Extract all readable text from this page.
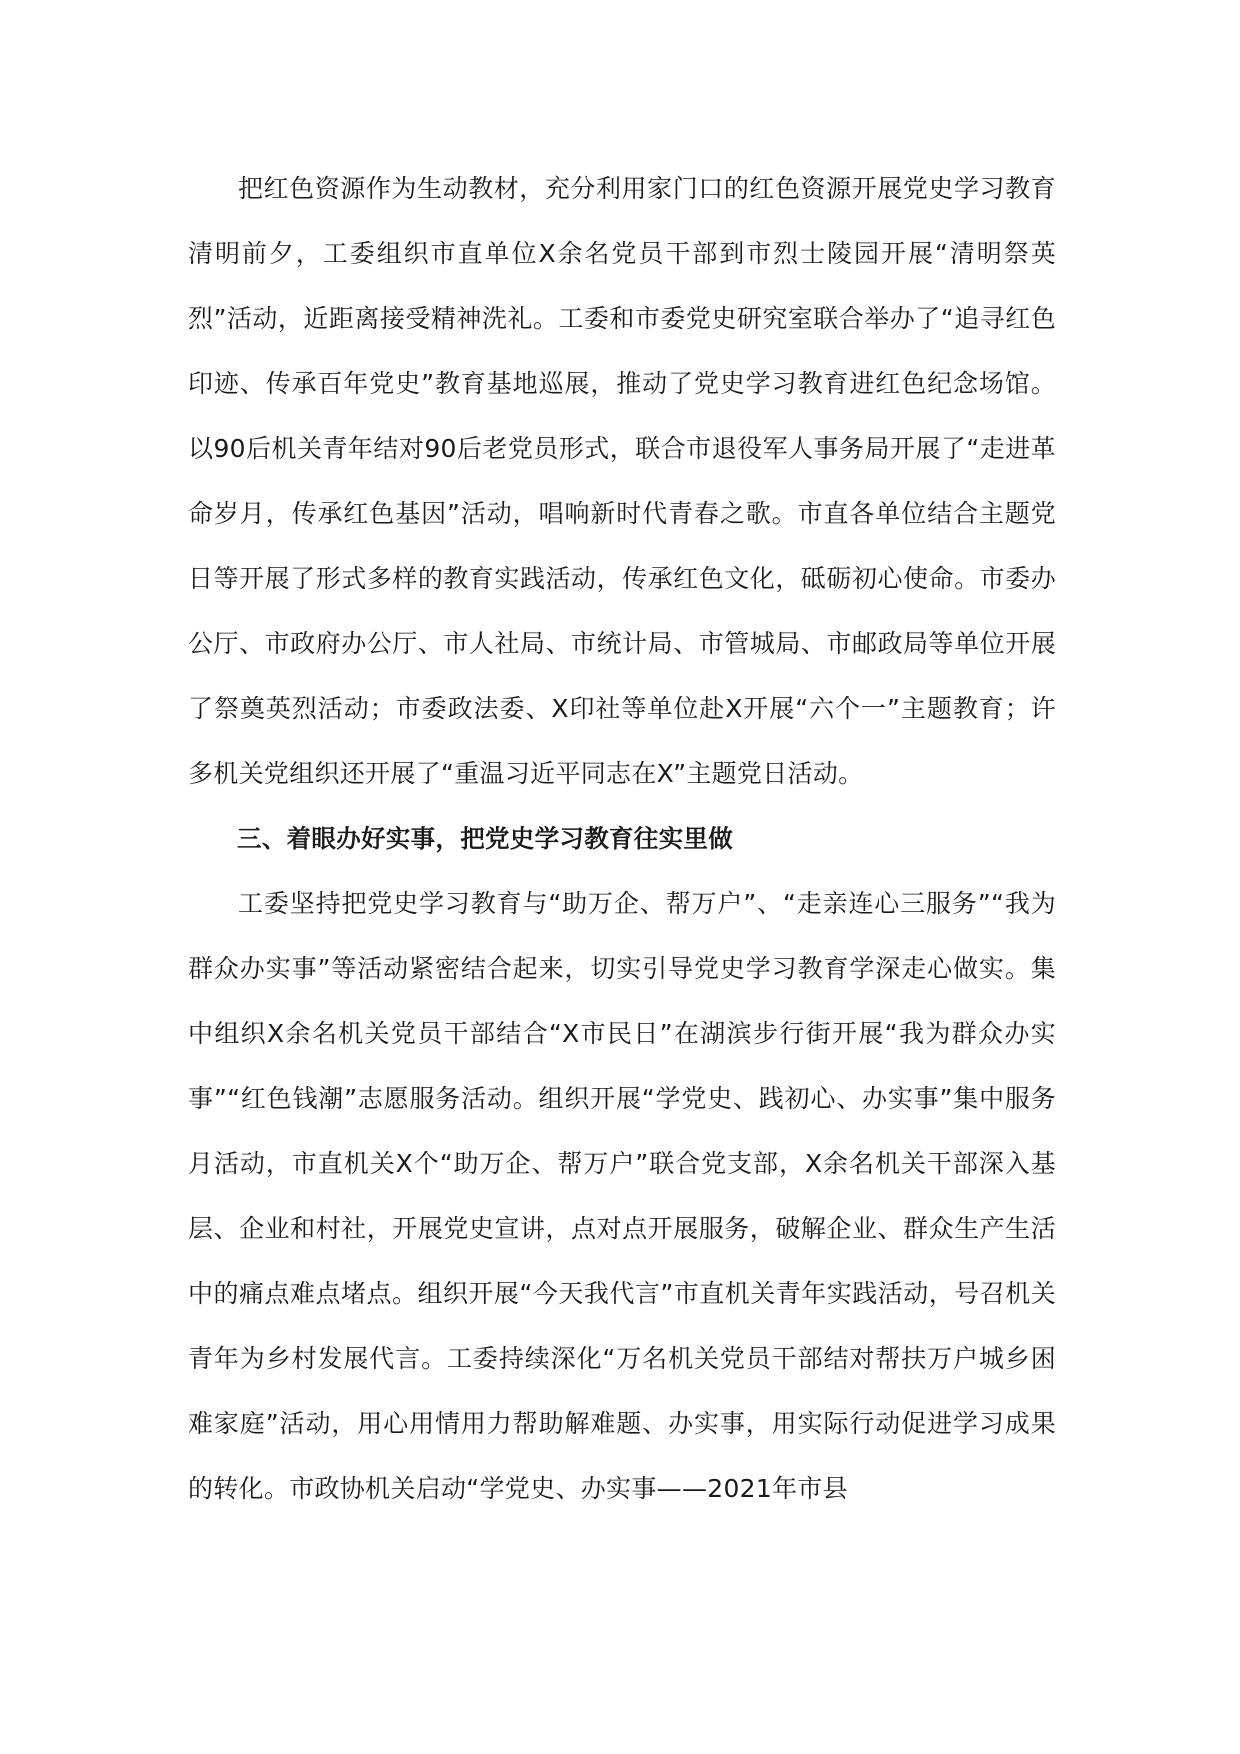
把红色资源作为生动教材，充分利用家门口的红色资源开展党史学习教育清明前夕，工委组织市直单位X余名党员干部到市烈士陵园开展“清明祭英烈”活动，近距离接受精神洗礼。工委和市委党史研究室联合举办了“追寻红色印迹、传承百年党史”教育基地巡展，推动了党史学习教育进红色纪念场馆。以90后机关青年结对90后老党员形式，联合市退役军人事务局开展了“走进革命岁月，传承红色基因”活动，唱响新时代青春之歌。市直各单位结合主题党日等开展了形式多样的教育实践活动，传承红色文化，砥砺初心使命。市委办公厅、市政府办公厅、市人社局、市统计局、市管城局、市邮政局等单位开展了祭奠英烈活动；市委政法委、X印社等单位赴X开展“六个一”主题教育；许多机关党组织还开展了“重温习近平同志在X”主题党日活动。

三、着眼办好实事，把党史学习教育往实里做

工委坚持把党史学习教育与“助万企、帮万户”、“走亲连心三服务”“我为群众办实事”等活动紧密结合起来，切实引导党史学习教育学深走心做实。集中组织X余名机关党员干部结合“X市民日”在湖滨步行街开展“我为群众办实事”“红色钱潮”志愿服务活动。组织开展“学党史、践初心、办实事”集中服务月活动，市直机关X个“助万企、帮万户”联合党支部，X余名机关干部深入基层、企业和村社，开展党史宣讲，点对点开展服务，破解企业、群众生产生活中的痛点难点堵点。组织开展“今天我代言”市直机关青年实践活动，号召机关青年为乡村发展代言。工委持续深化“万名机关党员干部结对帮扶万户城乡困难家庭”活动，用心用情用力帮助解难题、办实事，用实际行动促进学习成果的转化。市政协机关启动“学党史、办实事——2021年市县
